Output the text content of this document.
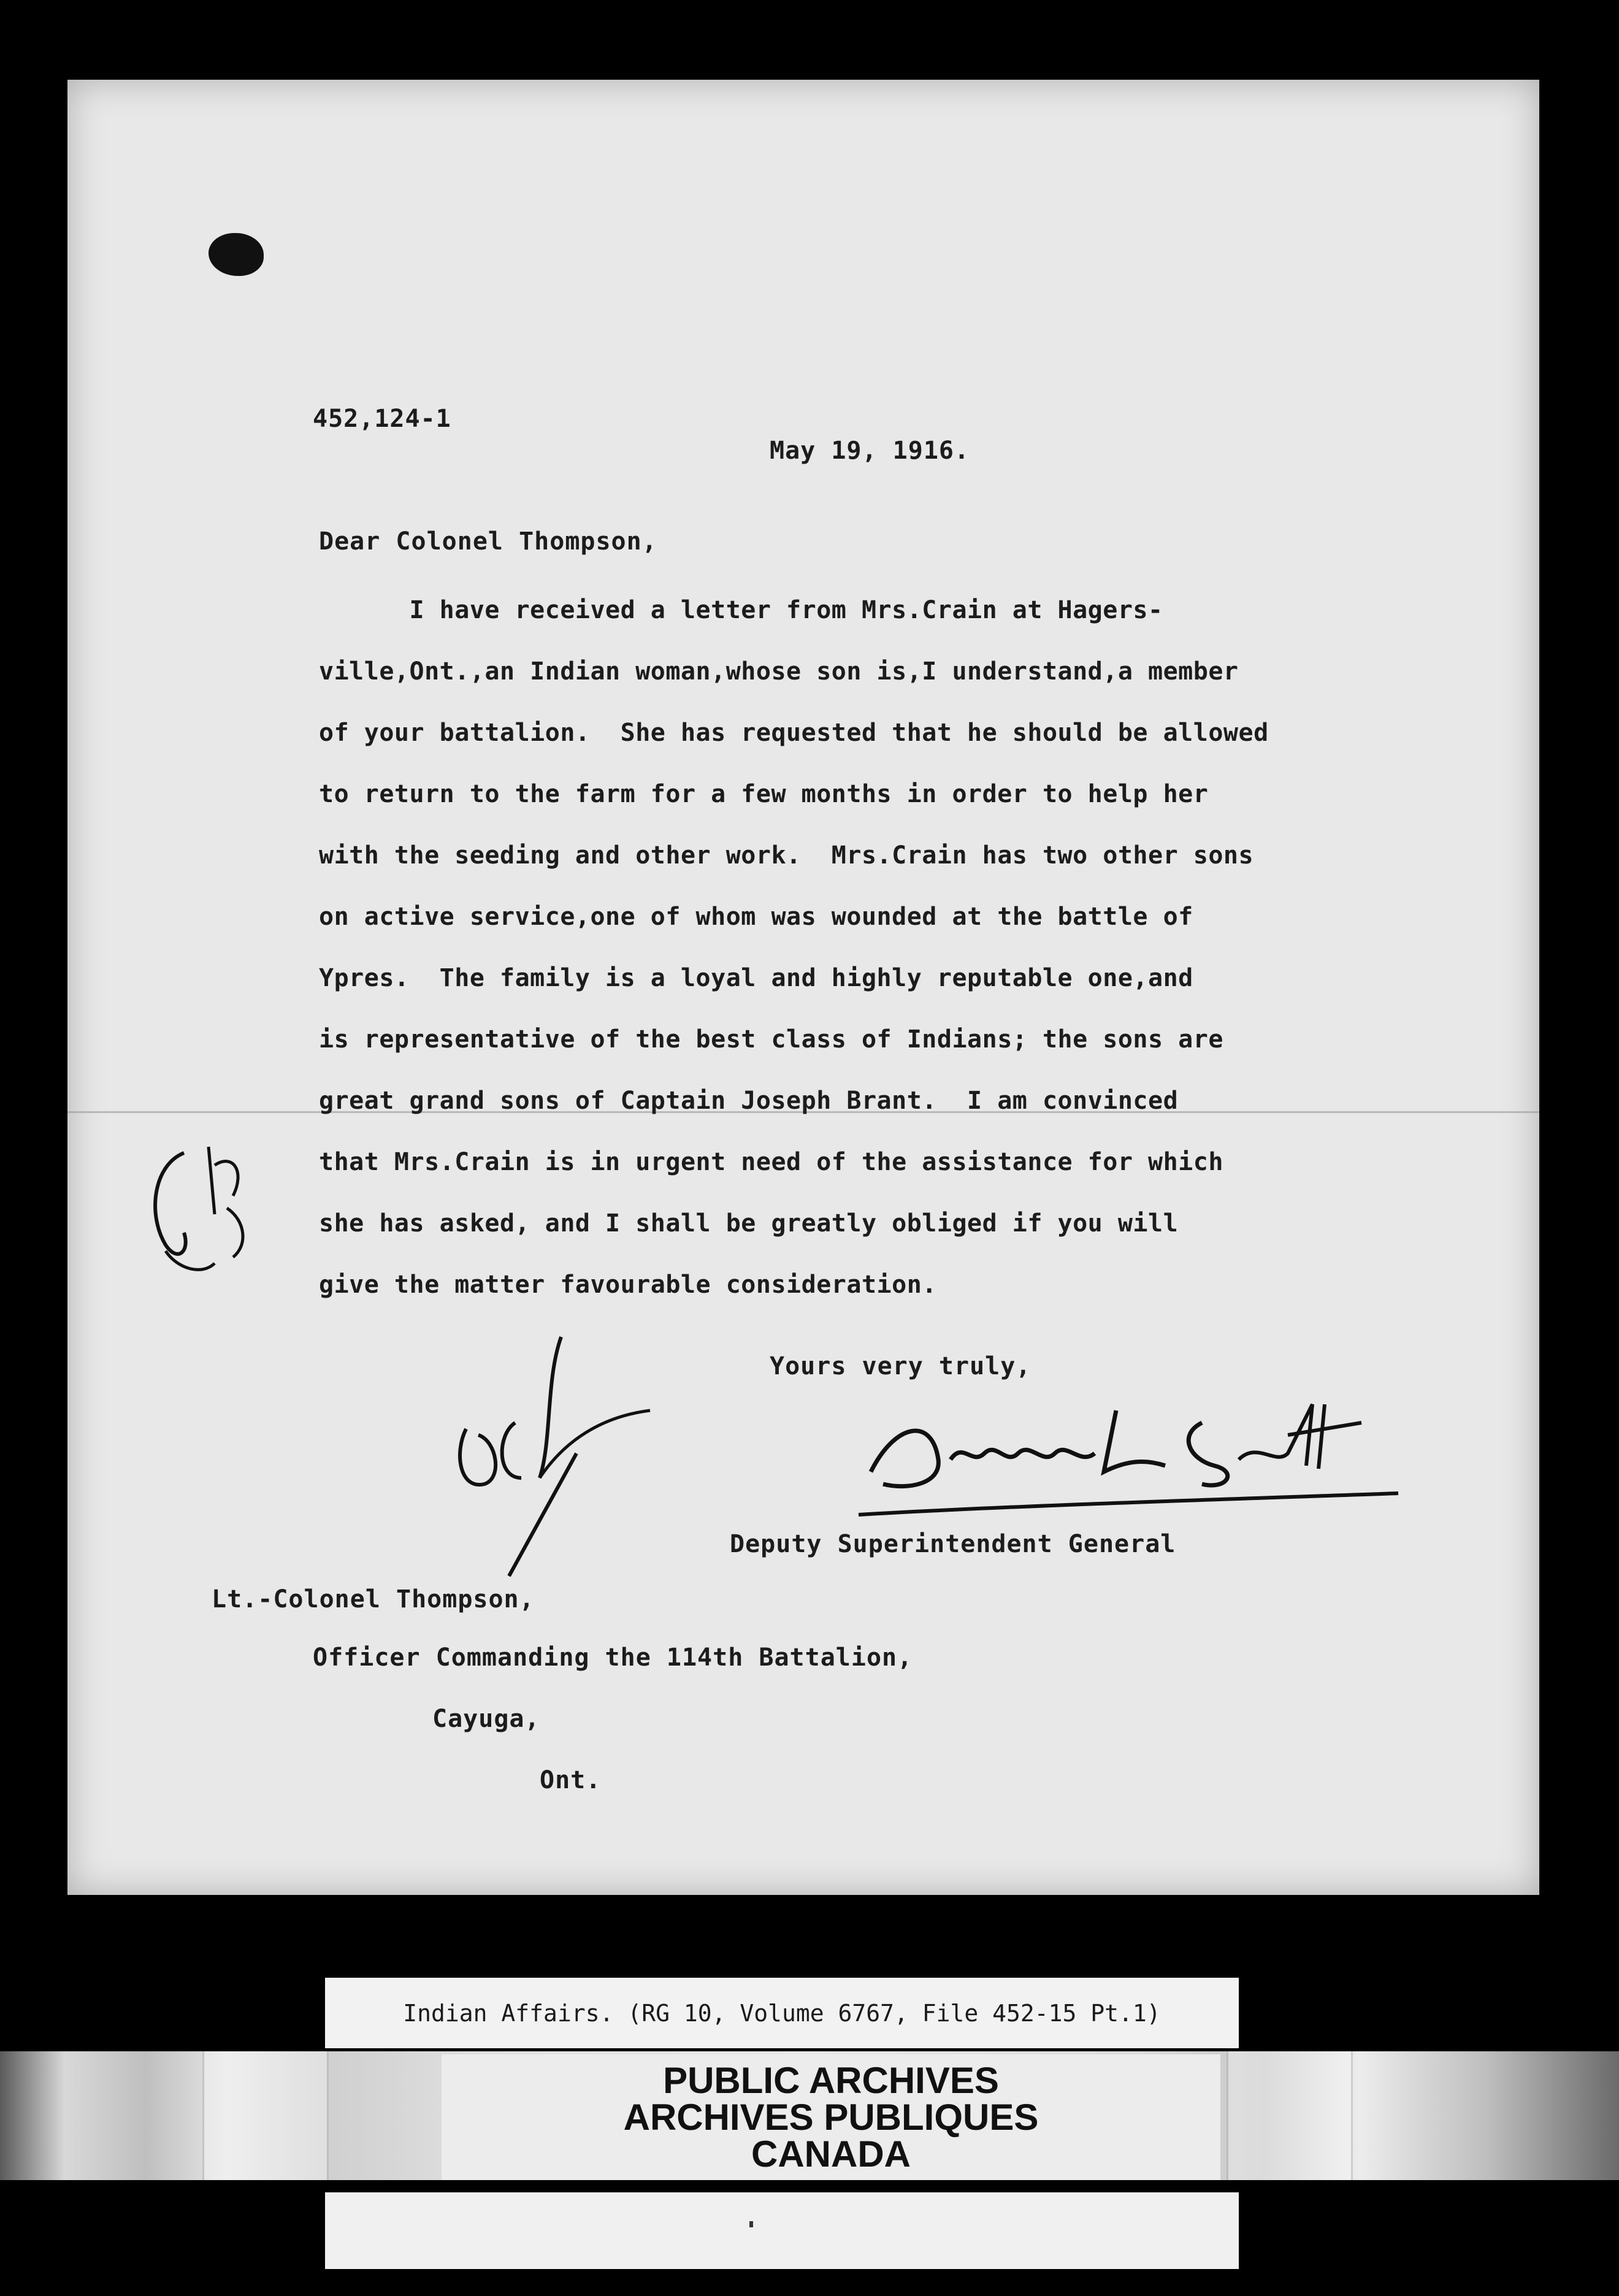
452,124-1

May 19, 1916.

Dear Colonel Thompson,

I have received a letter from Mrs.Crain at Hagers-
ville,Ont.,an Indian woman,whose son is,I understand,a member
of your battalion.  She has requested that he should be allowed
to return to the farm for a few months in order to help her
with the seeding and other work.  Mrs.Crain has two other sons
on active service,one of whom was wounded at the battle of
Ypres.  The family is a loyal and highly reputable one,and
is representative of the best class of Indians; the sons are
great grand sons of Captain Joseph Brant.  I am convinced
that Mrs.Crain is in urgent need of the assistance for which
she has asked, and I shall be greatly obliged if you will
give the matter favourable consideration.

Yours very truly,

Deputy Superintendent General

Lt.-Colonel Thompson,

Officer Commanding the 114th Battalion,

Cayuga,

Ont.

Indian Affairs. (RG 10, Volume 6767, File 452-15 Pt.1)
PUBLIC ARCHIVES
ARCHIVES PUBLIQUES
CANADA
